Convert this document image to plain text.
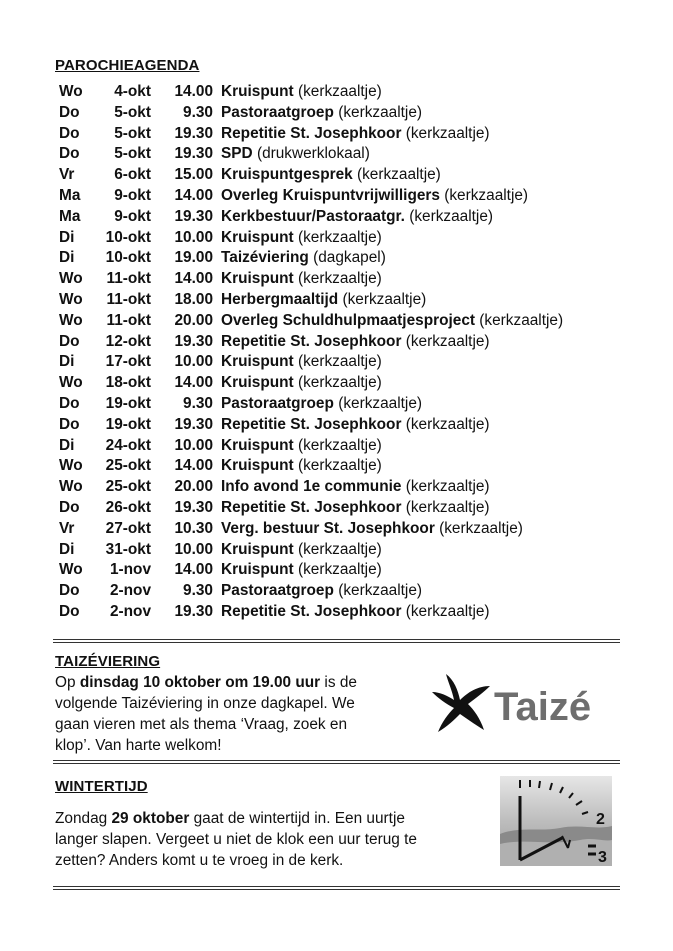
PAROCHIEAGENDA
Wo	4-okt	14.00	Kruispunt (kerkzaaltje)
Do	5-okt	9.30	Pastoraatgroep (kerkzaaltje)
Do	5-okt	19.30	Repetitie St. Josephkoor (kerkzaaltje)
Do	5-okt	19.30	SPD (drukwerklokaal)
Vr	6-okt	15.00	Kruispuntgesprek (kerkzaaltje)
Ma	9-okt	14.00	Overleg Kruispuntvrijwilligers (kerkzaaltje)
Ma	9-okt	19.30	Kerkbestuur/Pastoraatgr. (kerkzaaltje)
Di	10-okt	10.00	Kruispunt (kerkzaaltje)
Di	10-okt	19.00	Taizéviering (dagkapel)
Wo	11-okt	14.00	Kruispunt (kerkzaaltje)
Wo	11-okt	18.00	Herbergmaaltijd (kerkzaaltje)
Wo	11-okt	20.00	Overleg Schuldhulpmaatjesproject (kerkzaaltje)
Do	12-okt	19.30	Repetitie St. Josephkoor (kerkzaaltje)
Di	17-okt	10.00	Kruispunt (kerkzaaltje)
Wo	18-okt	14.00	Kruispunt (kerkzaaltje)
Do	19-okt	9.30	Pastoraatgroep (kerkzaaltje)
Do	19-okt	19.30	Repetitie St. Josephkoor (kerkzaaltje)
Di	24-okt	10.00	Kruispunt (kerkzaaltje)
Wo	25-okt	14.00	Kruispunt (kerkzaaltje)
Wo	25-okt	20.00	Info avond 1e communie (kerkzaaltje)
Do	26-okt	19.30	Repetitie St. Josephkoor (kerkzaaltje)
Vr	27-okt	10.30	Verg. bestuur St. Josephkoor (kerkzaaltje)
Di	31-okt	10.00	Kruispunt (kerkzaaltje)
Wo	1-nov	14.00	Kruispunt (kerkzaaltje)
Do	2-nov	9.30	Pastoraatgroep (kerkzaaltje)
Do	2-nov	19.30	Repetitie St. Josephkoor (kerkzaaltje)
TAIZÉVIERING
Op dinsdag 10 oktober om 19.00 uur is de
volgende Taizéviering in onze dagkapel. We
gaan vieren met als thema ‘Vraag, zoek en
klop’. Van harte welkom!
Taizé
WINTERTIJD
Zondag 29 oktober gaat de wintertijd in. Een uurtje
langer slapen. Vergeet u niet de klok een uur terug te
zetten? Anders komt u te vroeg in de kerk.
2
3
